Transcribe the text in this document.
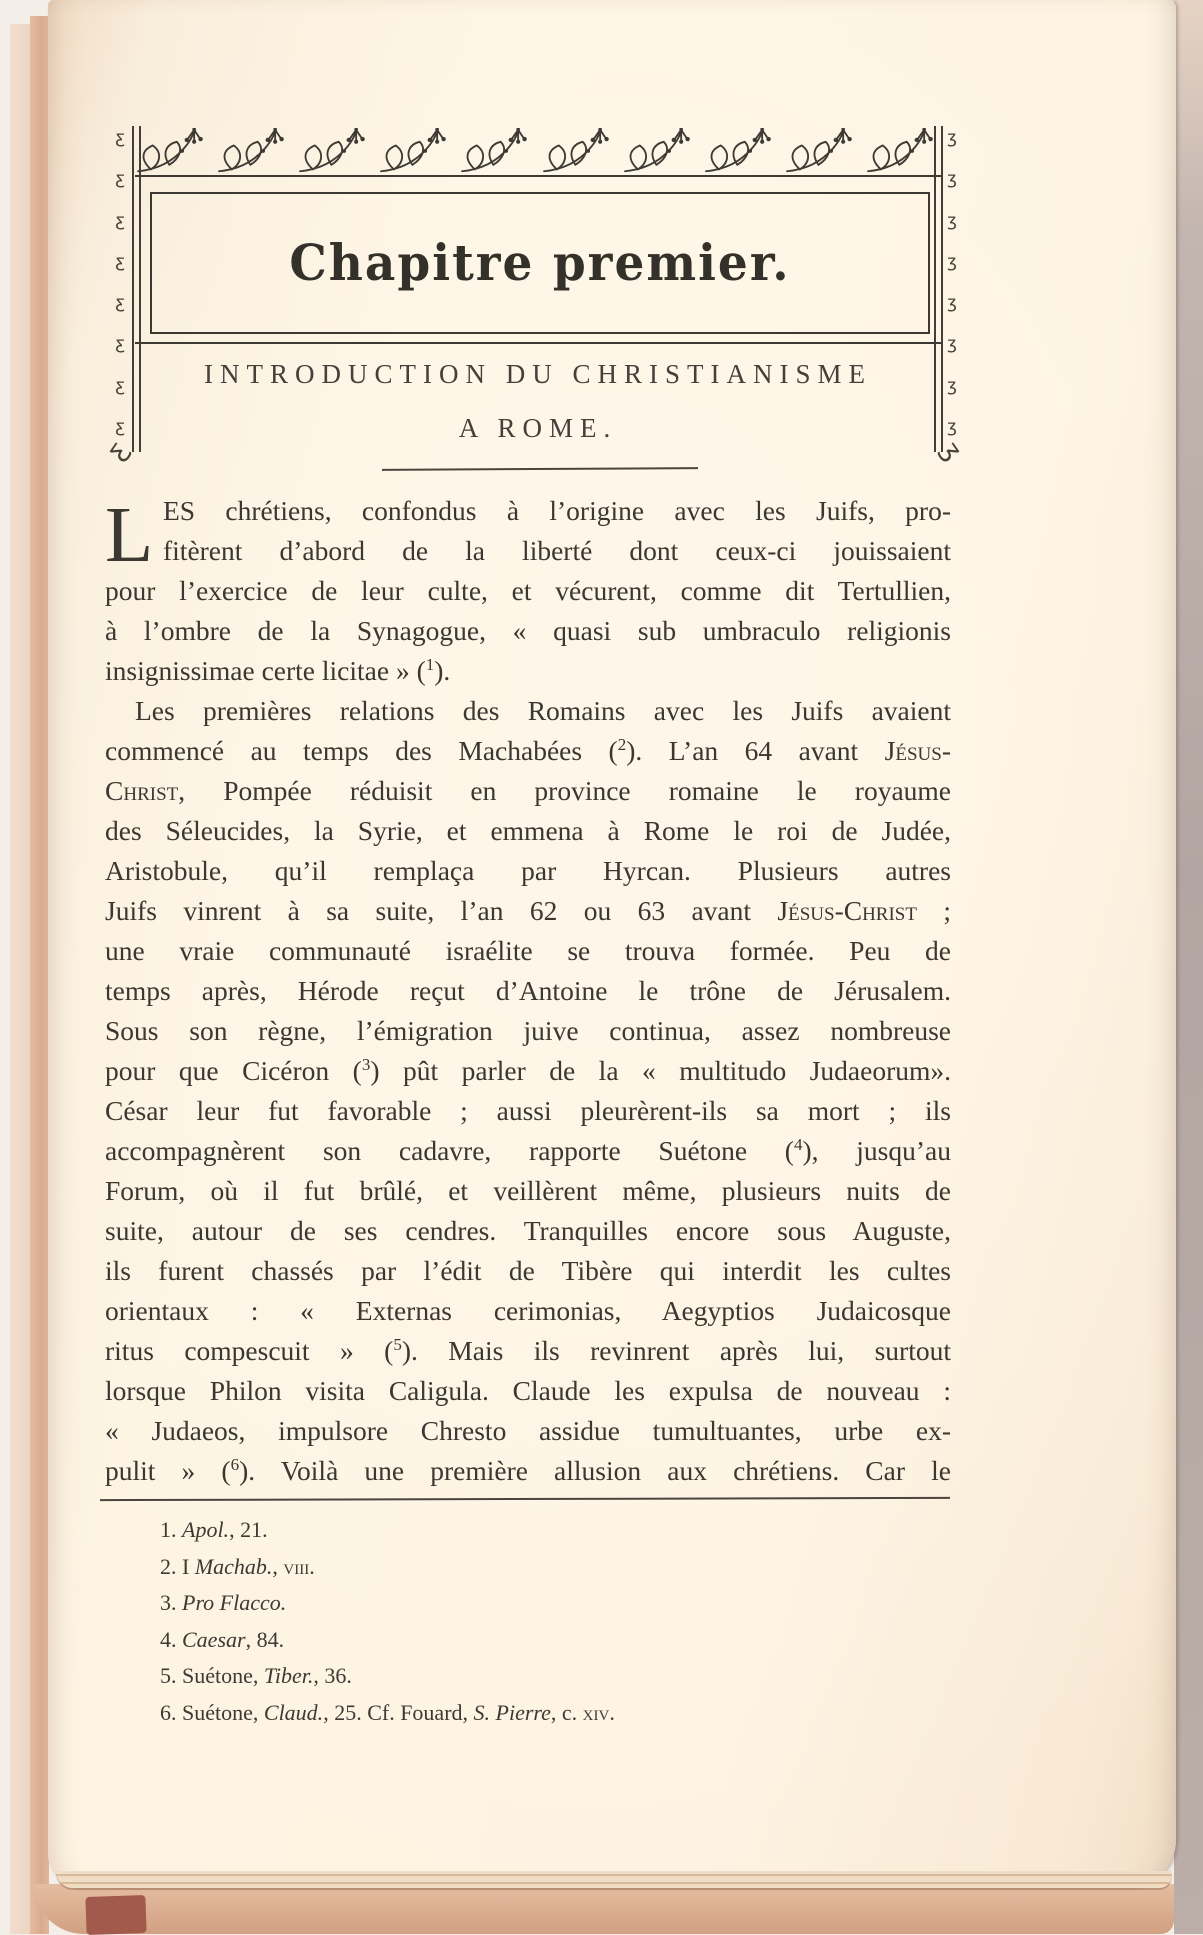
ʒ
ʒ
ʒ
ʒ
ʒ
ʒ
ʒ
ʒ
ʒ
ʒ
ʒ
ʒ
ʒ
ʒ
ʒ
ʒ
ʒ	ʒ
Chapitre premier.
INTRODUCTION DU CHRISTIANISME
A ROME.
L ES chrétiens, confondus à l’origine avec les Juifs, pro-
fitèrent d’abord de la liberté dont ceux-ci jouissaient
pour l’exercice de leur culte, et vécurent, comme dit Tertullien,
à l’ombre de la Synagogue, « quasi sub umbraculo religionis
insignissimae certe licitae » ($^1$).
Les premières relations des Romains avec les Juifs avaient
commencé au temps des Machabées ($^2$). L’an 64 avant Jésus-
Christ, Pompée réduisit en province romaine le royaume
des Séleucides, la Syrie, et emmena à Rome le roi de Judée,
Aristobule, qu’il remplaça par Hyrcan. Plusieurs autres
Juifs vinrent à sa suite, l’an 62 ou 63 avant Jésus-Christ ;
une vraie communauté israélite se trouva formée. Peu de
temps après, Hérode reçut d’Antoine le trône de Jérusalem.
Sous son règne, l’émigration juive continua, assez nombreuse
pour que Cicéron ($^3$) pût parler de la « multitudo Judaeorum».
César leur fut favorable ; aussi pleurèrent-ils sa mort ; ils
accompagnèrent son cadavre, rapporte Suétone ($^4$), jusqu’au
Forum, où il fut brûlé, et veillèrent même, plusieurs nuits de
suite, autour de ses cendres. Tranquilles encore sous Auguste,
ils furent chassés par l’édit de Tibère qui interdit les cultes
orientaux : « Externas cerimonias, Aegyptios Judaicosque
ritus compescuit » ($^5$). Mais ils revinrent après lui, surtout
lorsque Philon visita Caligula. Claude les expulsa de nouveau :
« Judaeos, impulsore Chresto assidue tumultuantes, urbe ex-
pulit » ($^6$). Voilà une première allusion aux chrétiens. Car le
1. Apol., 21.
2. I Machab., viii.
3. Pro Flacco.
4. Caesar, 84.
5. Suétone, Tiber., 36.
6. Suétone, Claud., 25. Cf. Fouard, S. Pierre, c. xiv.
